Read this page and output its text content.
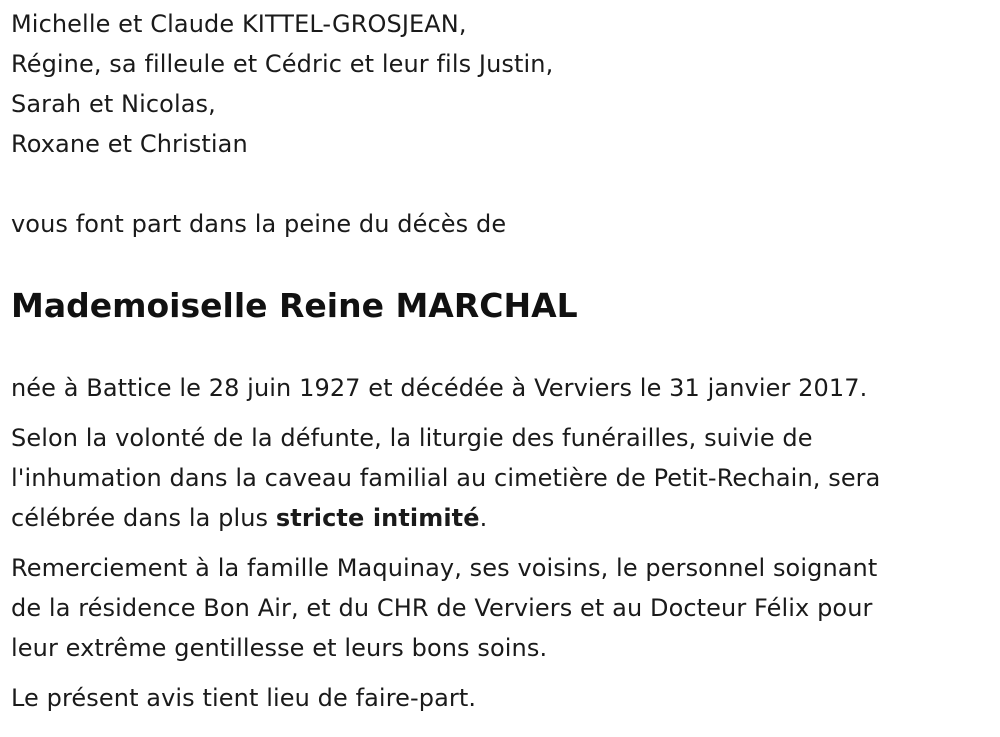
Michelle et Claude KITTEL-GROSJEAN,
Régine, sa filleule et Cédric et leur fils Justin,
Sarah et Nicolas,
Roxane et Christian
vous font part dans la peine du décès de
Mademoiselle Reine MARCHAL
née à Battice le 28 juin 1927 et décédée à Verviers le 31 janvier 2017.
Selon la volonté de la défunte, la liturgie des funérailles, suivie de
l'inhumation dans la caveau familial au cimetière de Petit-Rechain, sera
célébrée dans la plus stricte intimité.
Remerciement à la famille Maquinay, ses voisins, le personnel soignant
de la résidence Bon Air, et du CHR de Verviers et au Docteur Félix pour
leur extrême gentillesse et leurs bons soins.
Le présent avis tient lieu de faire-part.
